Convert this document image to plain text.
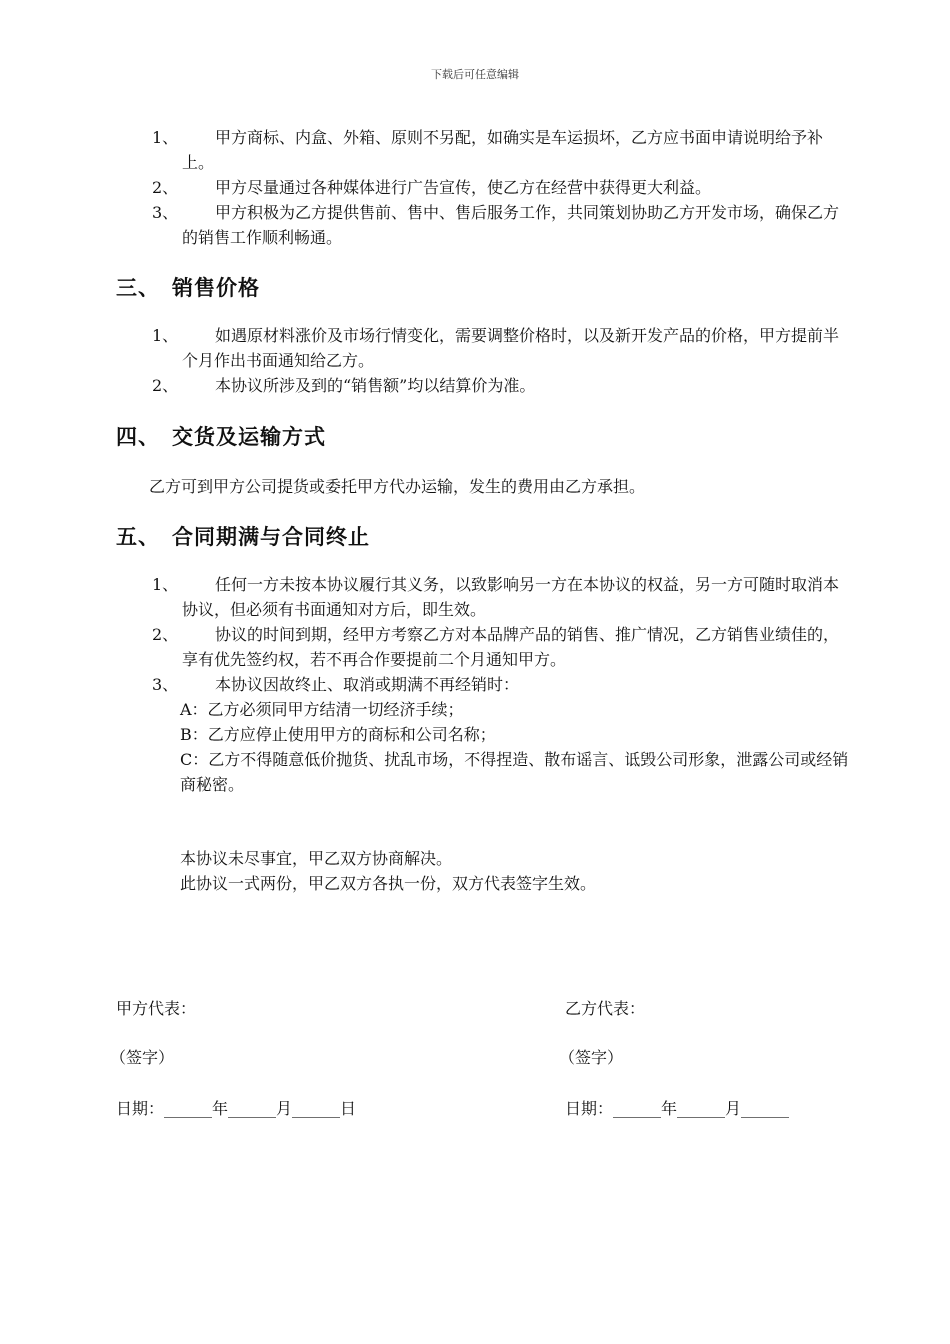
下载后可任意编辑
1、	甲方商标、内盒、外箱、原则不另配，如确实是车运损坏，乙方应书面申请说明给予补上。
2、	甲方尽量通过各种媒体进行广告宣传，使乙方在经营中获得更大利益。
3、	甲方积极为乙方提供售前、售中、售后服务工作，共同策划协助乙方开发市场，确保乙方的销售工作顺利畅通。
三、 销售价格
1、	如遇原材料涨价及市场行情变化，需要调整价格时，以及新开发产品的价格，甲方提前半个月作出书面通知给乙方。
2、	本协议所涉及到的“销售额”均以结算价为准。
四、 交货及运输方式
乙方可到甲方公司提货或委托甲方代办运输，发生的费用由乙方承担。
五、 合同期满与合同终止
1、	任何一方未按本协议履行其义务，以致影响另一方在本协议的权益，另一方可随时取消本协议，但必须有书面通知对方后，即生效。
2、	协议的时间到期，经甲方考察乙方对本品牌产品的销售、推广情况，乙方销售业绩佳的，享有优先签约权，若不再合作要提前二个月通知甲方。
3、	本协议因故终止、取消或期满不再经销时：
A：乙方必须同甲方结清一切经济手续；
B：乙方应停止使用甲方的商标和公司名称；
C：乙方不得随意低价抛货、扰乱市场，不得捏造、散布谣言、诋毁公司形象，泄露公司或经销商秘密。
本协议未尽事宜，甲乙双方协商解决。
此协议一式两份，甲乙双方各执一份，双方代表签字生效。
甲方代表：	乙方代表：
（签字）	（签字）
日期：______年______月______日	日期：______年______月______
